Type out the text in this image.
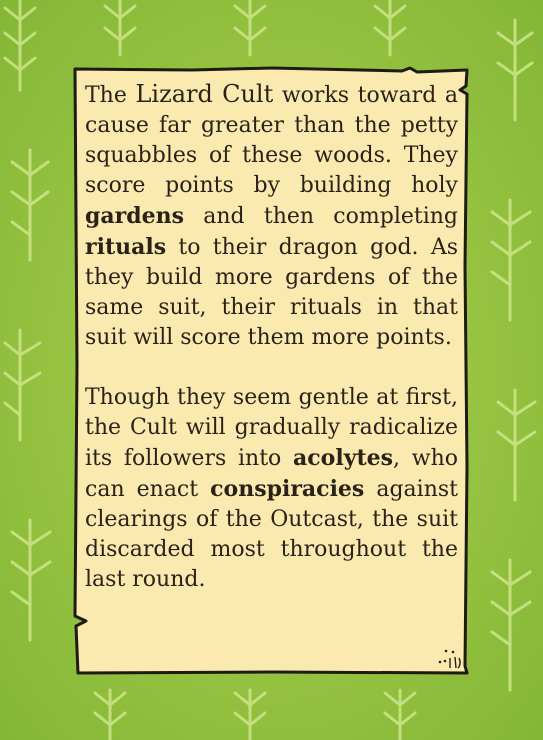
The Lizard Cult works toward a cause far greater than the petty squabbles of these woods. They score points by building holy gardens and then completing rituals to their dragon god. As they build more gardens of the same suit, their rituals in that suit will score them more points.

Though they seem gentle at first, the Cult will gradually radicalize its followers into acolytes, who can enact conspiracies against clearings of the Outcast, the suit discarded most throughout the last round.
